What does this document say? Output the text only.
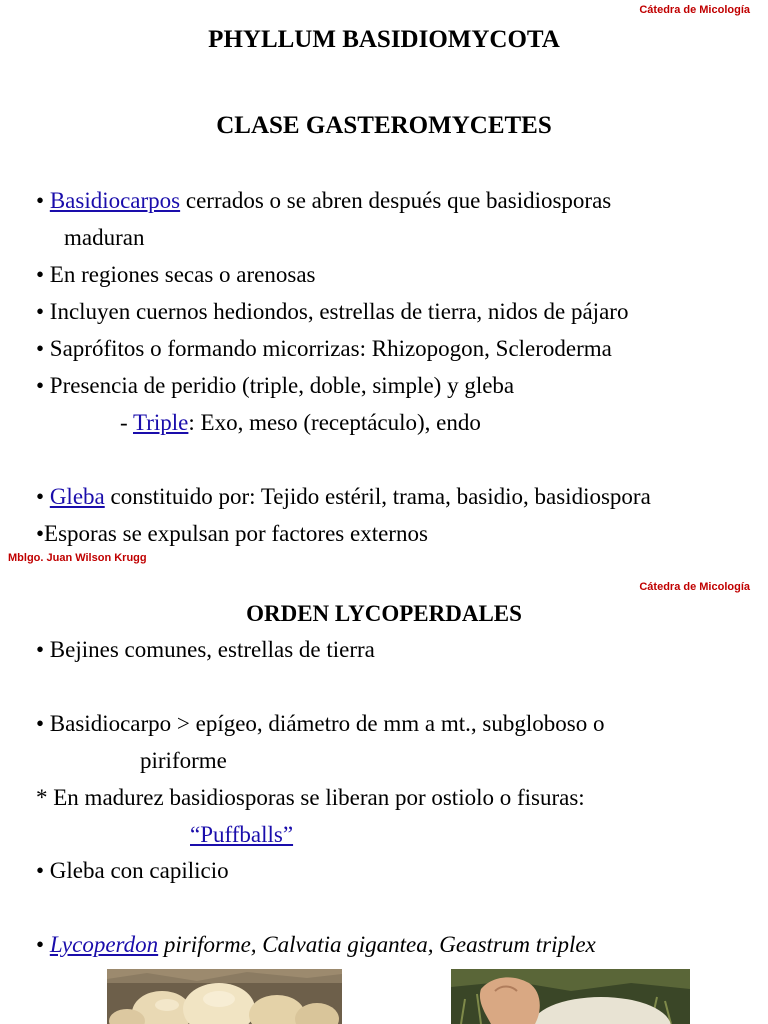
Cátedra de Micología
PHYLLUM BASIDIOMYCOTA
CLASE GASTEROMYCETES
• Basidiocarpos cerrados o se abren después que basidiosporas
maduran
• En regiones secas o arenosas
• Incluyen cuernos hediondos, estrellas de tierra, nidos de pájaro
• Saprófitos o formando micorrizas: Rhizopogon, Scleroderma
• Presencia de peridio (triple, doble, simple) y gleba
- Triple: Exo, meso (receptáculo), endo
• Gleba constituido por: Tejido estéril, trama, basidio, basidiospora
•Esporas se expulsan por factores externos
Mblgo. Juan Wilson Krugg
Cátedra de Micología
ORDEN LYCOPERDALES
• Bejines comunes, estrellas de tierra
• Basidiocarpo > epígeo, diámetro de mm a mt., subgloboso o
piriforme
* En madurez basidiosporas se liberan por ostiolo o fisuras:
“Puffballs”
• Gleba con capilicio
• Lycoperdon piriforme, Calvatia gigantea, Geastrum triplex
